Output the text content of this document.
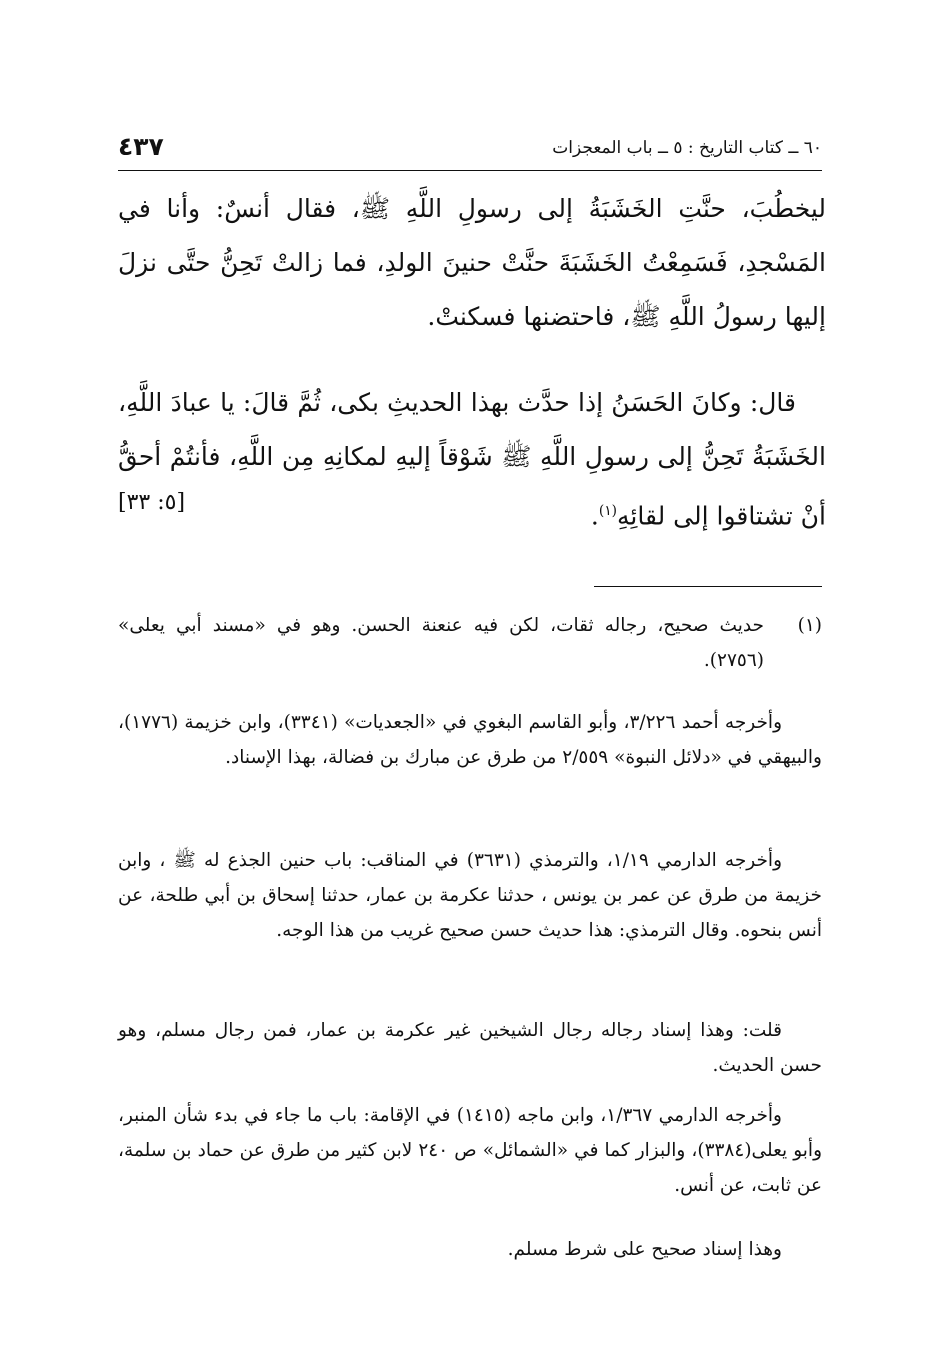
٤٣٧	٦٠ ــ كتاب التاريخ : ٥ ــ باب المعجزات
ليخطُبَ، حنَّتِ الخَشَبَةُ إلى رسولِ اللَّهِ ﷺ، فقال أنسٌ: وأنا في المَسْجدِ، فَسَمِعْتُ الخَشَبَةَ حنَّتْ حنينَ الولدِ، فما زالتْ تَحِنُّ حتَّى نزلَ إليها رسولُ اللَّهِ ﷺ، فاحتضنها فسكنتْ.
قال: وكانَ الحَسَنُ إذا حدَّث بهذا الحديثِ بكى، ثُمَّ قالَ: يا عبادَ اللَّهِ، الخَشَبَةُ تَحِنُّ إلى رسولِ اللَّهِ ﷺ شَوْقاً إليهِ لمكانِهِ مِن اللَّهِ، فأنتُمْ أحقُّ أنْ تشتاقوا إلى لقائِهِ$^{(١)}$.
[٥: ٣٣]
(١)
حديث صحيح، رجاله ثقات، لكن فيه عنعنة الحسن. وهو في «مسند أبي يعلى» (٢٧٥٦).
وأخرجه أحمد ٣/٢٢٦، وأبو القاسم البغوي في «الجعديات» (٣٣٤١)، وابن خزيمة (١٧٧٦)، والبيهقي في «دلائل النبوة» ٢/٥٥٩ من طرق عن مبارك بن فضالة، بهذا الإسناد.
وأخرجه الدارمي ١/١٩، والترمذي (٣٦٣١) في المناقب: باب حنين الجذع له ﷺ ، وابن خزيمة من طرق عن عمر بن يونس ، حدثنا عكرمة بن عمار، حدثنا إسحاق بن أبي طلحة، عن أنس بنحوه. وقال الترمذي: هذا حديث حسن صحيح غريب من هذا الوجه.
قلت: وهذا إسناد رجاله رجال الشيخين غير عكرمة بن عمار، فمن رجال مسلم، وهو حسن الحديث.
وأخرجه الدارمي ١/٣٦٧، وابن ماجه (١٤١٥) في الإقامة: باب ما جاء في بدء شأن المنبر، وأبو يعلى(٣٣٨٤)، والبزار كما في «الشمائل» ص ٢٤٠ لابن كثير من طرق عن حماد بن سلمة، عن ثابت، عن أنس.
وهذا إسناد صحيح على شرط مسلم.
